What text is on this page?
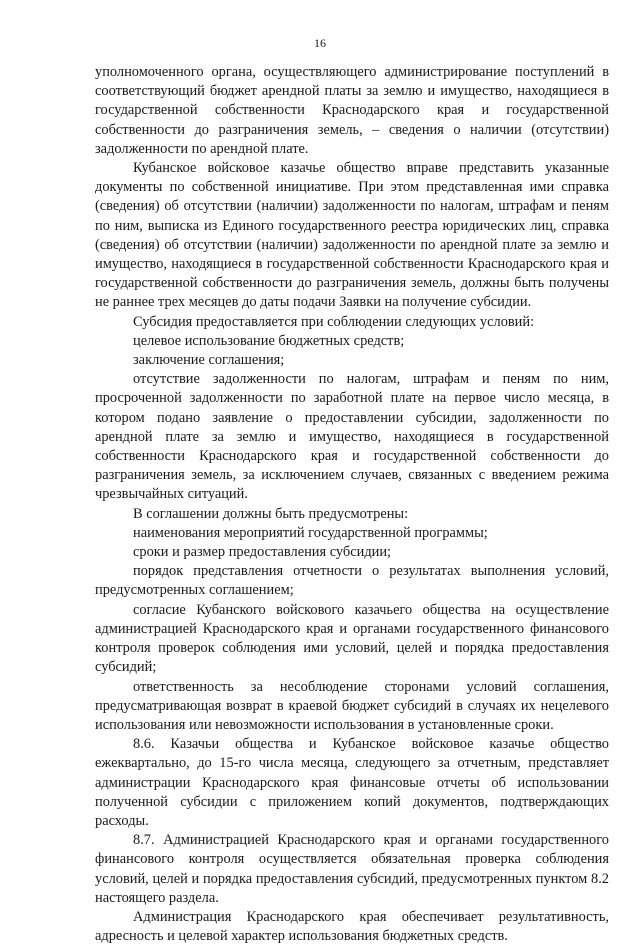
16

уполномоченного органа, осуществляющего администрирование поступлений в соответствующий бюджет арендной платы за землю и имущество, находящиеся в государственной собственности Краснодарского края и государственной собственности до разграничения земель, – сведения о наличии (отсутствии) задолженности по арендной плате.

Кубанское войсковое казачье общество вправе представить указанные документы по собственной инициативе. При этом представленная ими справка (сведения) об отсутствии (наличии) задолженности по налогам, штрафам и пеням по ним, выписка из Единого государственного реестра юридических лиц, справка (сведения) об отсутствии (наличии) задолженности по арендной плате за землю и имущество, находящиеся в государственной собственности Краснодарского края и государственной собственности до разграничения земель, должны быть получены не раннее трех месяцев до даты подачи Заявки на получение субсидии.

Субсидия предоставляется при соблюдении следующих условий:

целевое использование бюджетных средств;

заключение соглашения;

отсутствие задолженности по налогам, штрафам и пеням по ним, просроченной задолженности по заработной плате на первое число месяца, в котором подано заявление о предоставлении субсидии, задолженности по арендной плате за землю и имущество, находящиеся в государственной собственности Краснодарского края и государственной собственности до разграничения земель, за исключением случаев, связанных с введением режима чрезвычайных ситуаций.

В соглашении должны быть предусмотрены:

наименования мероприятий государственной программы;

сроки и размер предоставления субсидии;

порядок представления отчетности о результатах выполнения условий, предусмотренных соглашением;

согласие Кубанского войскового казачьего общества на осуществление администрацией Краснодарского края и органами государственного финансового контроля проверок соблюдения ими условий, целей и порядка предоставления субсидий;

ответственность за несоблюдение сторонами условий соглашения, предусматривающая возврат в краевой бюджет субсидий в случаях их нецелевого использования или невозможности использования в установленные сроки.

8.6. Казачьи общества и Кубанское войсковое казачье общество ежеквартально, до 15-го числа месяца, следующего за отчетным, представляет администрации Краснодарского края финансовые отчеты об использовании полученной субсидии с приложением копий документов, подтверждающих расходы.

8.7. Администрацией Краснодарского края и органами государственного финансового контроля осуществляется обязательная проверка соблюдения условий, целей и порядка предоставления субсидий, предусмотренных пунктом 8.2 настоящего раздела.

Администрация Краснодарского края обеспечивает результативность, адресность и целевой характер использования бюджетных средств.
